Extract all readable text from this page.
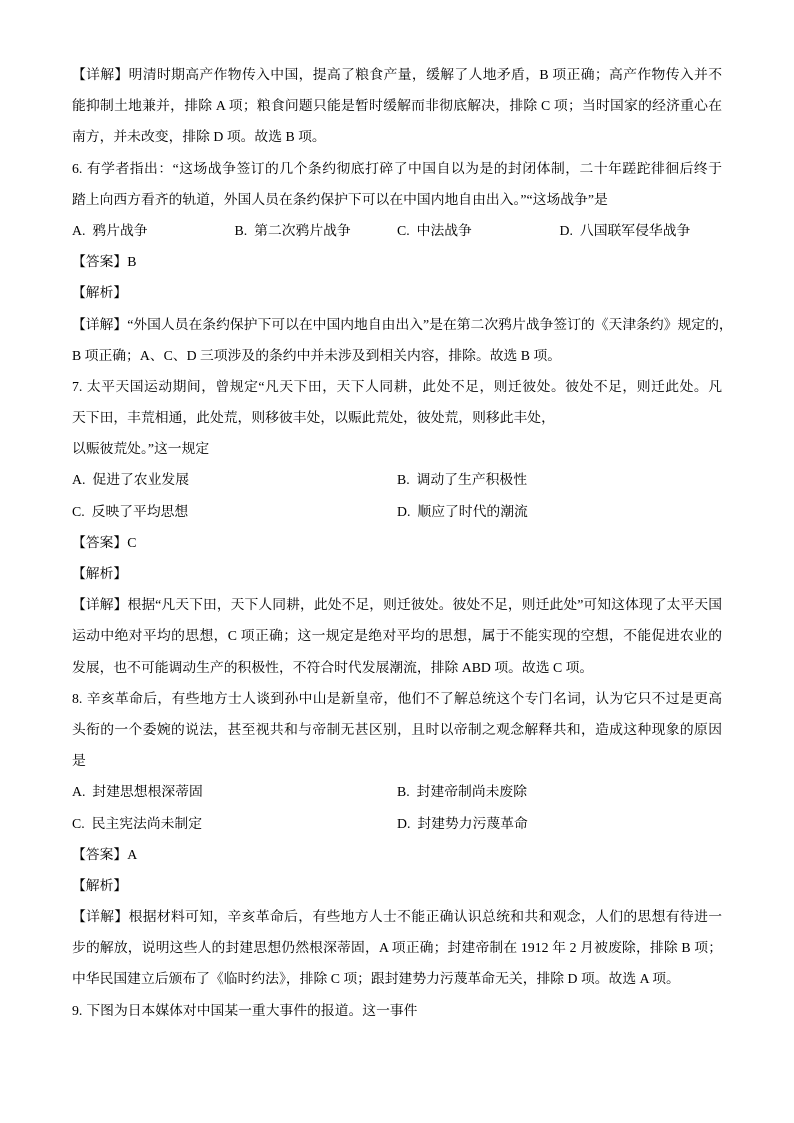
【详解】明清时期高产作物传入中国，提高了粮食产量，缓解了人地矛盾，B 项正确；高产作物传入并不
能抑制土地兼并，排除 A 项；粮食问题只能是暂时缓解而非彻底解决，排除 C 项；当时国家的经济重心在
南方，并未改变，排除 D 项。故选 B 项。
6. 有学者指出：“这场战争签订的几个条约彻底打碎了中国自以为是的封闭体制，二十年蹉跎徘徊后终于
踏上向西方看齐的轨道，外国人员在条约保护下可以在中国内地自由出入。”“这场战争”是
A. 鸦片战争	B. 第二次鸦片战争	C. 中法战争	D. 八国联军侵华战争
【答案】B
【解析】
【详解】“外国人员在条约保护下可以在中国内地自由出入”是在第二次鸦片战争签订的《天津条约》规定的，
B 项正确；A、C、D 三项涉及的条约中并未涉及到相关内容，排除。故选 B 项。
7. 太平天国运动期间，曾规定“凡天下田，天下人同耕，此处不足，则迁彼处。彼处不足，则迁此处。凡
天下田，丰荒相通，此处荒，则移彼丰处，以赈此荒处，彼处荒，则移此丰处，
以赈彼荒处。”这一规定
A. 促进了农业发展	B. 调动了生产积极性
C. 反映了平均思想	D. 顺应了时代的潮流
【答案】C
【解析】
【详解】根据“凡天下田，天下人同耕，此处不足，则迁彼处。彼处不足，则迁此处”可知这体现了太平天国
运动中绝对平均的思想，C 项正确；这一规定是绝对平均的思想，属于不能实现的空想，不能促进农业的
发展，也不可能调动生产的积极性，不符合时代发展潮流，排除 ABD 项。故选 C 项。
8. 辛亥革命后，有些地方士人谈到孙中山是新皇帝，他们不了解总统这个专门名词，认为它只不过是更高
头衔的一个委婉的说法，甚至视共和与帝制无甚区别，且时以帝制之观念解释共和，造成这种现象的原因
是
A. 封建思想根深蒂固	B. 封建帝制尚未废除
C. 民主宪法尚未制定	D. 封建势力污蔑革命
【答案】A
【解析】
【详解】根据材料可知，辛亥革命后，有些地方人士不能正确认识总统和共和观念，人们的思想有待进一
步的解放，说明这些人的封建思想仍然根深蒂固，A 项正确；封建帝制在 1912 年 2 月被废除，排除 B 项；
中华民国建立后颁布了《临时约法》，排除 C 项；跟封建势力污蔑革命无关，排除 D 项。故选 A 项。
9. 下图为日本媒体对中国某一重大事件的报道。这一事件
